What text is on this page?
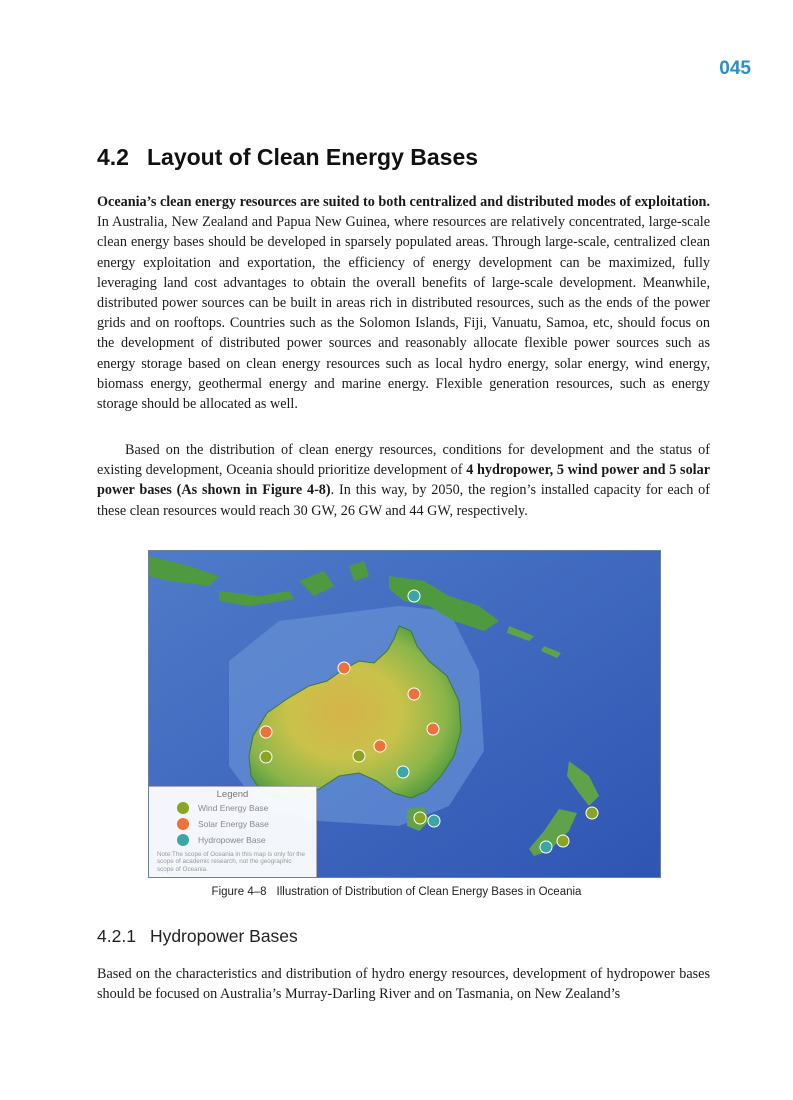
045
4.2 Layout of Clean Energy Bases

Oceania’s clean energy resources are suited to both centralized and distributed modes of exploitation. In Australia, New Zealand and Papua New Guinea, where resources are relatively concentrated, large-scale clean energy bases should be developed in sparsely populated areas. Through large-scale, centralized clean energy exploitation and exportation, the efficiency of energy development can be maximized, fully leveraging land cost advantages to obtain the overall benefits of large-scale development. Meanwhile, distributed power sources can be built in areas rich in distributed resources, such as the ends of the power grids and on rooftops. Countries such as the Solomon Islands, Fiji, Vanuatu, Samoa, etc, should focus on the development of distributed power sources and reasonably allocate flexible power sources such as energy storage based on clean energy resources such as local hydro energy, solar energy, wind energy, biomass energy, geothermal energy and marine energy. Flexible generation resources, such as energy storage should be allocated as well.

Based on the distribution of clean energy resources, conditions for development and the status of existing development, Oceania should prioritize development of 4 hydropower, 5 wind power and 5 solar power bases (As shown in Figure 4-8). In this way, by 2050, the region’s installed capacity for each of these clean resources would reach 30 GW, 26 GW and 44 GW, respectively.

Legend
Wind Energy Base
Solar Energy Base
Hydropower Base
Note:The scope of Oceania in this map is only for the scope of academic research, not the geographic scope of Oceania.
Figure 4–8 Illustration of Distribution of Clean Energy Bases in Oceania
4.2.1 Hydropower Bases

Based on the characteristics and distribution of hydro energy resources, development of hydropower bases should be focused on Australia’s Murray-Darling River and on Tasmania, on New Zealand’s
